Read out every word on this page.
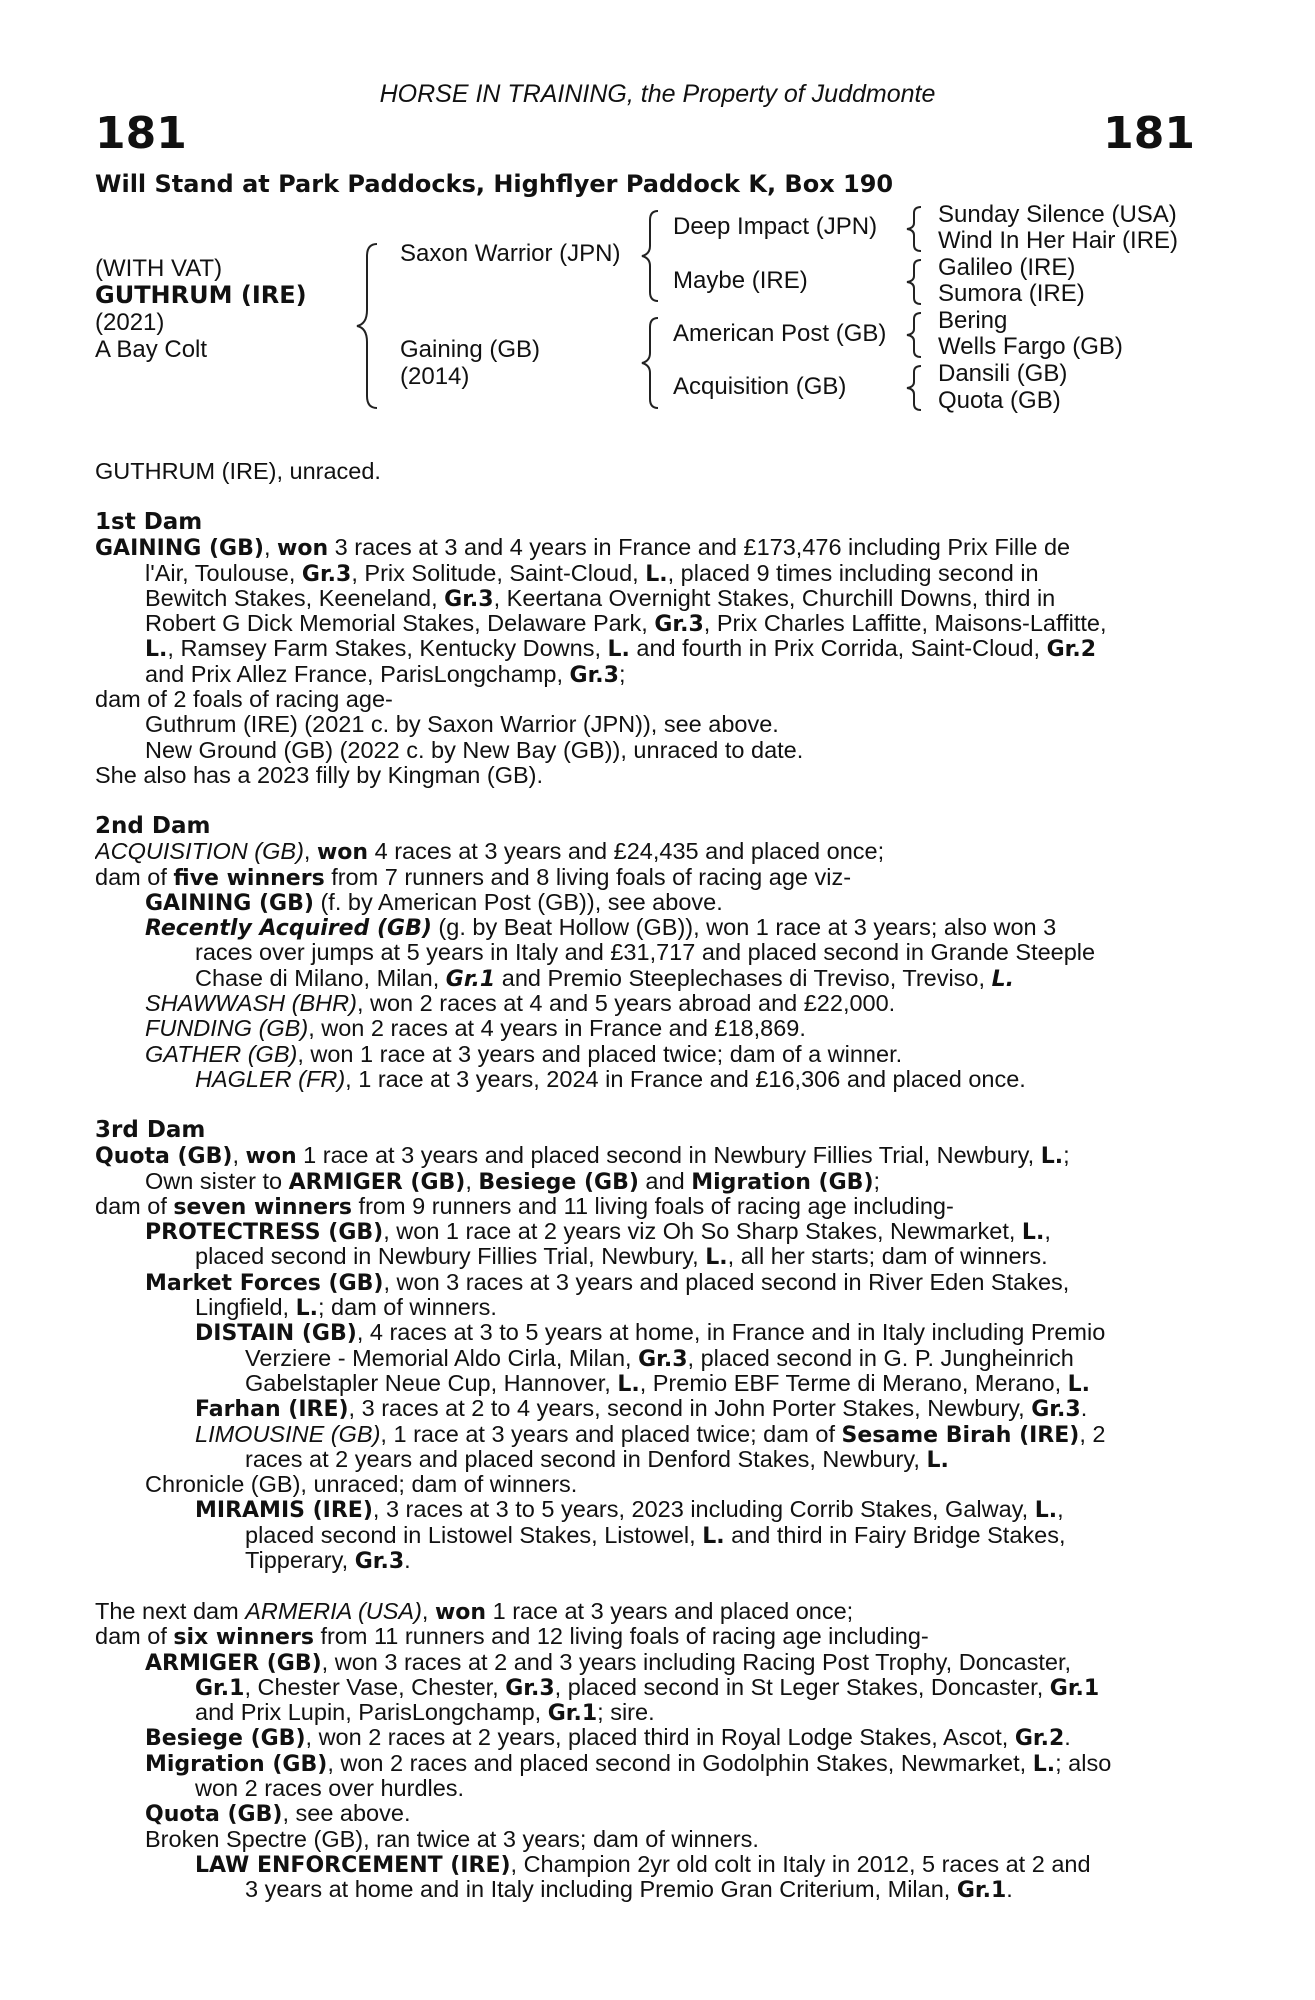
HORSE IN TRAINING, the Property of Juddmonte
181	181
Will Stand at Park Paddocks, Highflyer Paddock K, Box 190
(WITH VAT)
GUTHRUM (IRE)
(2021)
A Bay Colt
Saxon Warrior (JPN)
Gaining (GB)
(2014)
Deep Impact (JPN)
Maybe (IRE)
American Post (GB)
Acquisition (GB)
Sunday Silence (USA)
Wind In Her Hair (IRE)
Galileo (IRE)
Sumora (IRE)
Bering
Wells Fargo (GB)
Dansili (GB)
Quota (GB)
GUTHRUM (IRE), unraced.
1st Dam
GAINING (GB), won 3 races at 3 and 4 years in France and £173,476 including Prix Fille de
l'Air, Toulouse, Gr.3, Prix Solitude, Saint-Cloud, L., placed 9 times including second in
Bewitch Stakes, Keeneland, Gr.3, Keertana Overnight Stakes, Churchill Downs, third in
Robert G Dick Memorial Stakes, Delaware Park, Gr.3, Prix Charles Laffitte, Maisons-Laffitte,
L., Ramsey Farm Stakes, Kentucky Downs, L. and fourth in Prix Corrida, Saint-Cloud, Gr.2
and Prix Allez France, ParisLongchamp, Gr.3;
dam of 2 foals of racing age-
Guthrum (IRE) (2021 c. by Saxon Warrior (JPN)), see above.
New Ground (GB) (2022 c. by New Bay (GB)), unraced to date.
She also has a 2023 filly by Kingman (GB).
2nd Dam
ACQUISITION (GB), won 4 races at 3 years and £24,435 and placed once;
dam of five winners from 7 runners and 8 living foals of racing age viz-
GAINING (GB) (f. by American Post (GB)), see above.
Recently Acquired (GB) (g. by Beat Hollow (GB)), won 1 race at 3 years; also won 3
races over jumps at 5 years in Italy and £31,717 and placed second in Grande Steeple
Chase di Milano, Milan, Gr.1 and Premio Steeplechases di Treviso, Treviso, L.
SHAWWASH (BHR), won 2 races at 4 and 5 years abroad and £22,000.
FUNDING (GB), won 2 races at 4 years in France and £18,869.
GATHER (GB), won 1 race at 3 years and placed twice; dam of a winner.
HAGLER (FR), 1 race at 3 years, 2024 in France and £16,306 and placed once.
3rd Dam
Quota (GB), won 1 race at 3 years and placed second in Newbury Fillies Trial, Newbury, L.;
Own sister to ARMIGER (GB), Besiege (GB) and Migration (GB);
dam of seven winners from 9 runners and 11 living foals of racing age including-
PROTECTRESS (GB), won 1 race at 2 years viz Oh So Sharp Stakes, Newmarket, L.,
placed second in Newbury Fillies Trial, Newbury, L., all her starts; dam of winners.
Market Forces (GB), won 3 races at 3 years and placed second in River Eden Stakes,
Lingfield, L.; dam of winners.
DISTAIN (GB), 4 races at 3 to 5 years at home, in France and in Italy including Premio
Verziere - Memorial Aldo Cirla, Milan, Gr.3, placed second in G. P. Jungheinrich
Gabelstapler Neue Cup, Hannover, L., Premio EBF Terme di Merano, Merano, L.
Farhan (IRE), 3 races at 2 to 4 years, second in John Porter Stakes, Newbury, Gr.3.
LIMOUSINE (GB), 1 race at 3 years and placed twice; dam of Sesame Birah (IRE), 2
races at 2 years and placed second in Denford Stakes, Newbury, L.
Chronicle (GB), unraced; dam of winners.
MIRAMIS (IRE), 3 races at 3 to 5 years, 2023 including Corrib Stakes, Galway, L.,
placed second in Listowel Stakes, Listowel, L. and third in Fairy Bridge Stakes,
Tipperary, Gr.3.
The next dam ARMERIA (USA), won 1 race at 3 years and placed once;
dam of six winners from 11 runners and 12 living foals of racing age including-
ARMIGER (GB), won 3 races at 2 and 3 years including Racing Post Trophy, Doncaster,
Gr.1, Chester Vase, Chester, Gr.3, placed second in St Leger Stakes, Doncaster, Gr.1
and Prix Lupin, ParisLongchamp, Gr.1; sire.
Besiege (GB), won 2 races at 2 years, placed third in Royal Lodge Stakes, Ascot, Gr.2.
Migration (GB), won 2 races and placed second in Godolphin Stakes, Newmarket, L.; also
won 2 races over hurdles.
Quota (GB), see above.
Broken Spectre (GB), ran twice at 3 years; dam of winners.
LAW ENFORCEMENT (IRE), Champion 2yr old colt in Italy in 2012, 5 races at 2 and
3 years at home and in Italy including Premio Gran Criterium, Milan, Gr.1.
